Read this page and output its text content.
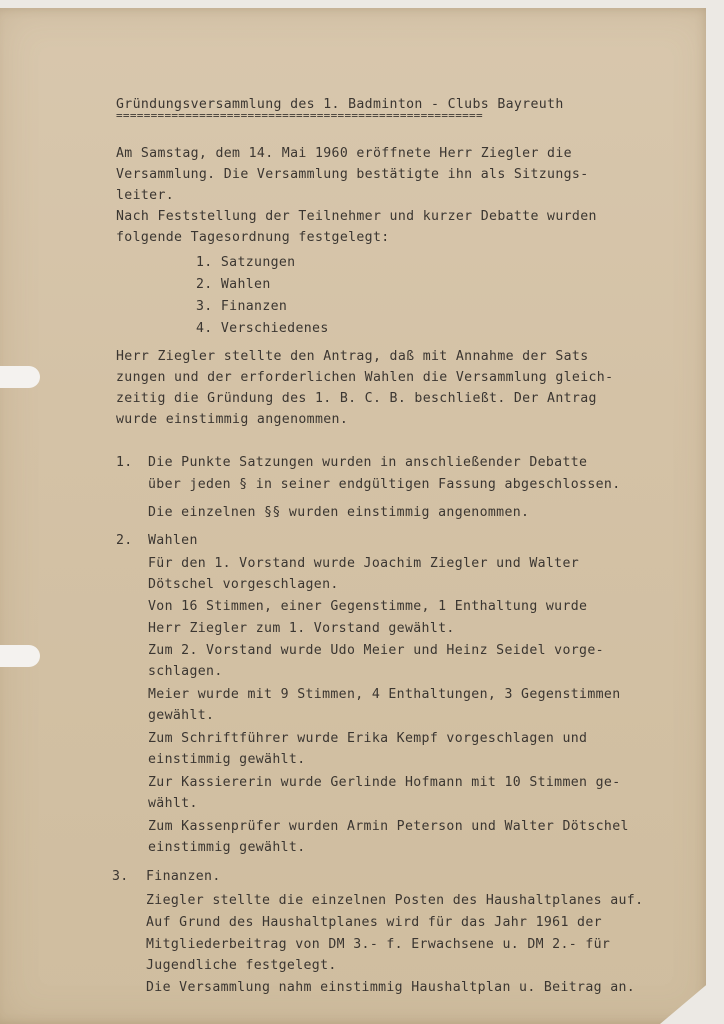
Gründungsversammlung des 1. Badminton - Clubs Bayreuth
=====================================================

Am Samstag, dem 14. Mai 1960 eröffnete Herr Ziegler die

Versammlung. Die Versammlung bestätigte ihn als Sitzungs-

leiter.

Nach Feststellung der Teilnehmer und kurzer Debatte wurden

folgende Tagesordnung festgelegt:

1. Satzungen

2. Wahlen

3. Finanzen

4. Verschiedenes

Herr Ziegler stellte den Antrag, daß mit Annahme der Sats

zungen und der erforderlichen Wahlen die Versammlung gleich-

zeitig die Gründung des 1. B. C. B. beschließt. Der Antrag

wurde einstimmig angenommen.

1.

Die Punkte Satzungen wurden in anschließender Debatte

über jeden § in seiner endgültigen Fassung abgeschlossen.

Die einzelnen §§ wurden einstimmig angenommen.

2.

Wahlen

Für den 1. Vorstand wurde Joachim Ziegler und Walter

Dötschel vorgeschlagen.

Von 16 Stimmen, einer Gegenstimme, 1 Enthaltung wurde

Herr Ziegler zum 1. Vorstand gewählt.

Zum 2. Vorstand wurde Udo Meier und Heinz Seidel vorge-

schlagen.

Meier wurde mit 9 Stimmen, 4 Enthaltungen, 3 Gegenstimmen

gewählt.

Zum Schriftführer wurde Erika Kempf vorgeschlagen und

einstimmig gewählt.

Zur Kassiererin wurde Gerlinde Hofmann mit 10 Stimmen ge-

wählt.

Zum Kassenprüfer wurden Armin Peterson und Walter Dötschel

einstimmig gewählt.

3.

Finanzen.

Ziegler stellte die einzelnen Posten des Haushaltplanes auf.

Auf Grund des Haushaltplanes wird für das Jahr 1961 der

Mitgliederbeitrag von DM 3.- f. Erwachsene u. DM 2.- für

Jugendliche festgelegt.

Die Versammlung nahm einstimmig Haushaltplan u. Beitrag an.
